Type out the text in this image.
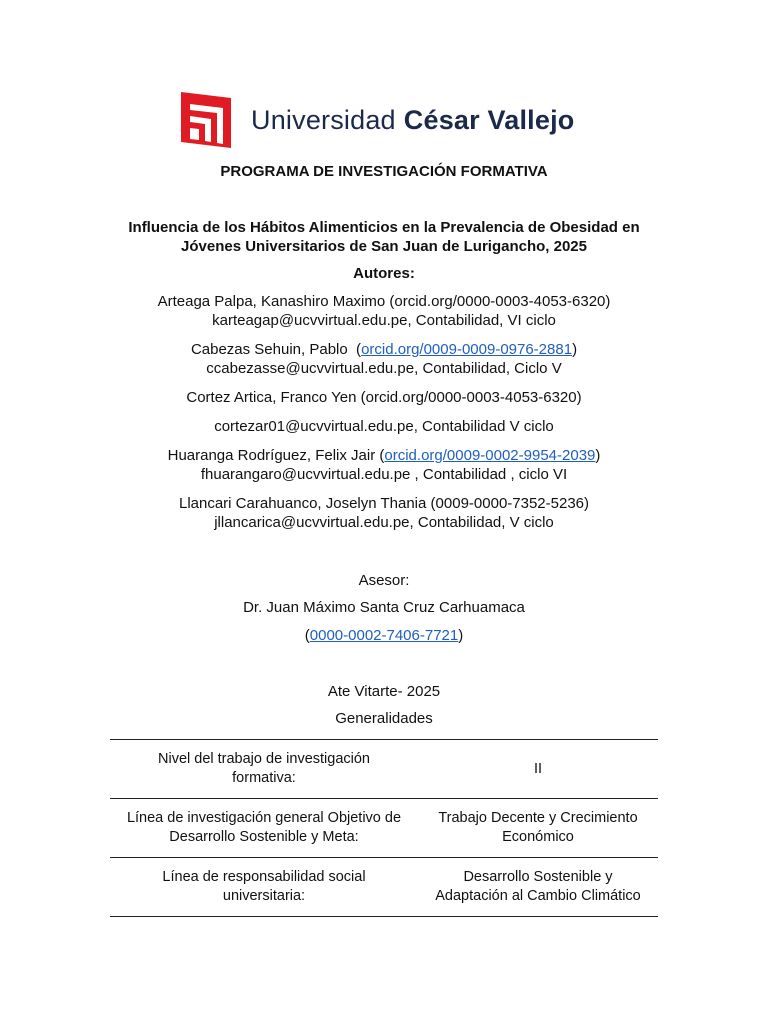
Universidad César Vallejo
PROGRAMA DE INVESTIGACIÓN FORMATIVA
Influencia de los Hábitos Alimenticios en la Prevalencia de Obesidad en
Jóvenes Universitarios de San Juan de Lurigancho, 2025
Autores:
Arteaga Palpa, Kanashiro Maximo (orcid.org/0000-0003-4053-6320)
karteagap@ucvvirtual.edu.pe, Contabilidad, VI ciclo
Cabezas Sehuin, Pablo  (orcid.org/0009-0009-0976-2881)
ccabezasse@ucvvirtual.edu.pe, Contabilidad, Ciclo V
Cortez Artica, Franco Yen (orcid.org/0000-0003-4053-6320)
cortezar01@ucvvirtual.edu.pe, Contabilidad V ciclo
Huaranga Rodríguez, Felix Jair (orcid.org/0009-0002-9954-2039)
fhuarangaro@ucvvirtual.edu.pe , Contabilidad , ciclo VI
Llancari Carahuanco, Joselyn Thania (0009-0000-7352-5236)
jllancarica@ucvvirtual.edu.pe, Contabilidad, V ciclo
Asesor:
Dr. Juan Máximo Santa Cruz Carhuamaca
(0000-0002-7406-7721)
Ate Vitarte- 2025
Generalidades
Nivel del trabajo de investigación
formativa:	II
Línea de investigación general Objetivo de
Desarrollo Sostenible y Meta:	Trabajo Decente y Crecimiento
Económico
Línea de responsabilidad social
universitaria:	Desarrollo Sostenible y
Adaptación al Cambio Climático
